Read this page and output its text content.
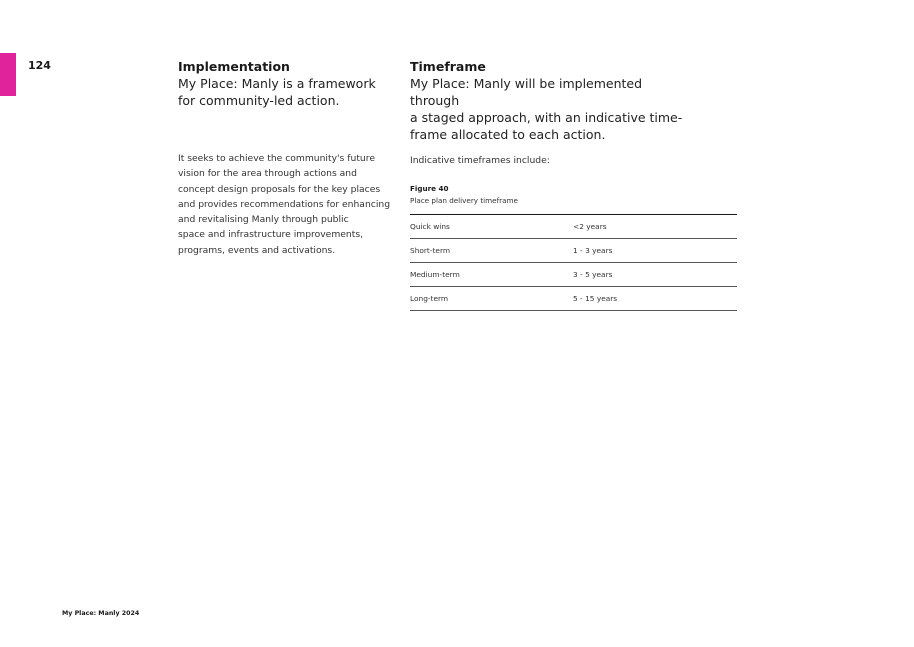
124	Implementation
My Place: Manly is a framework
for community-led action.
It seeks to achieve the community's future
vision for the area through actions and
concept design proposals for the key places
and provides recommendations for enhancing
and revitalising Manly through public
space and infrastructure improvements,
programs, events and activations.
Timeframe
My Place: Manly will be implemented through
a staged approach, with an indicative time-
frame allocated to each action.
Indicative timeframes include:
Figure 40
Place plan delivery timeframe
Quick wins	<2 years
Short-term	1 - 3 years
Medium-term	3 - 5 years
Long-term	5 - 15 years
My Place: Manly 2024
